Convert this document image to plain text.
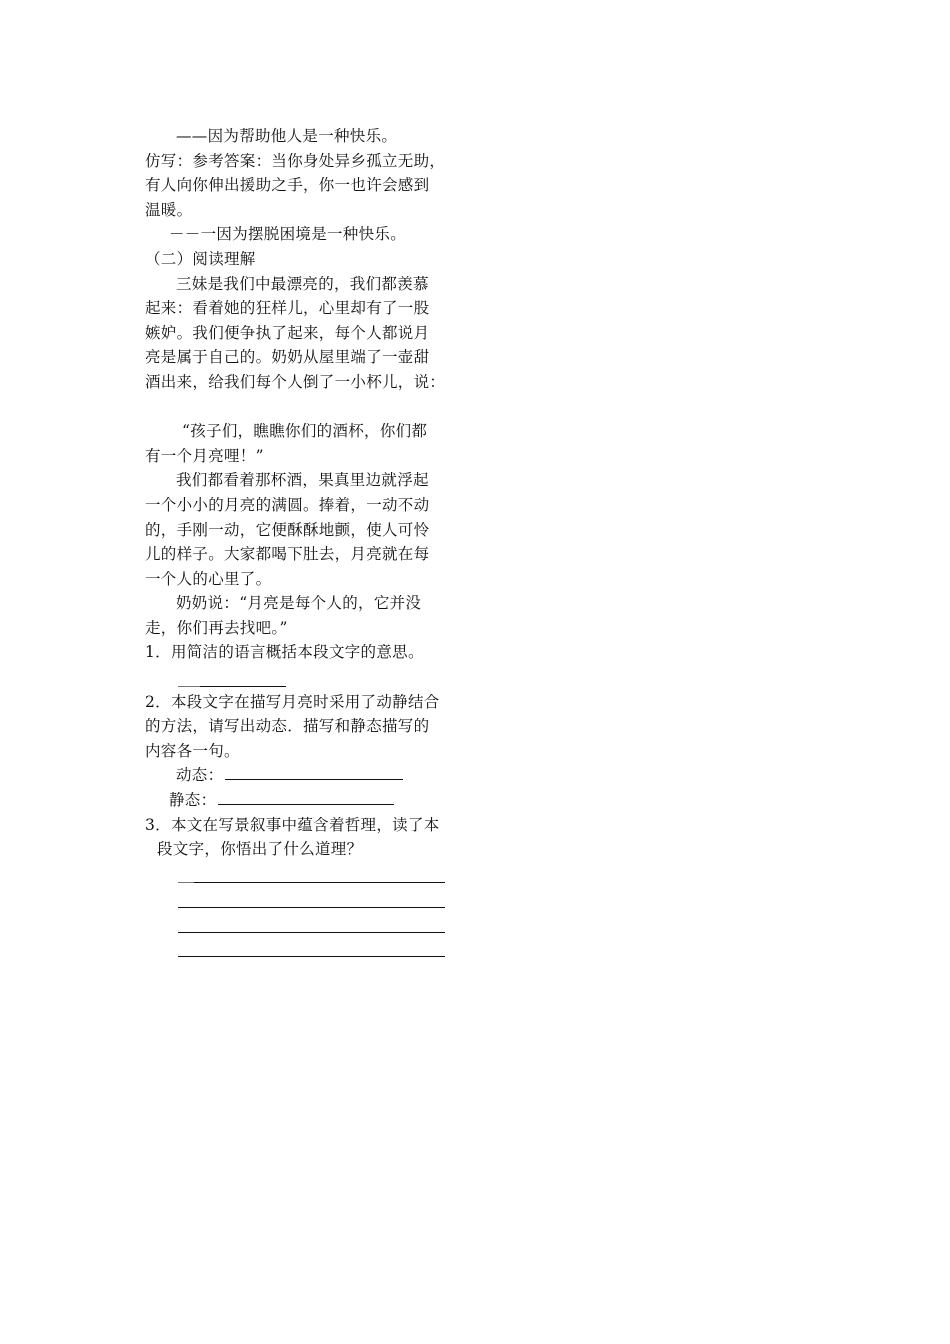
——因为帮助他人是一种快乐。
仿写：参考答案：当你身处异乡孤立无助，
有人向你伸出援助之手，你一也许会感到
温暖。
－－一因为摆脱困境是一种快乐。
（二）阅读理解
三妹是我们中最漂亮的，我们都羡慕
起来：看着她的狂样儿，心里却有了一股
嫉妒。我们便争执了起来，每个人都说月
亮是属于自己的。奶奶从屋里端了一壶甜
酒出来，给我们每个人倒了一小杯儿，说：
“孩子们，瞧瞧你们的酒杯，你们都
有一个月亮哩！”
我们都看着那杯酒，果真里边就浮起
一个小小的月亮的满圆。捧着，一动不动
的，手刚一动，它便酥酥地颤，使人可怜
儿的样子。大家都喝下肚去，月亮就在每
一个人的心里了。
奶奶说：“月亮是每个人的，它并没
走，你们再去找吧。”
1．用简洁的语言概括本段文字的意思。
2．本段文字在描写月亮时采用了动静结合
的方法，请写出动态．描写和静态描写的
内容各一句。
动态：
静态：
3．本文在写景叙事中蕴含着哲理，读了本
段文字，你悟出了什么道理？
